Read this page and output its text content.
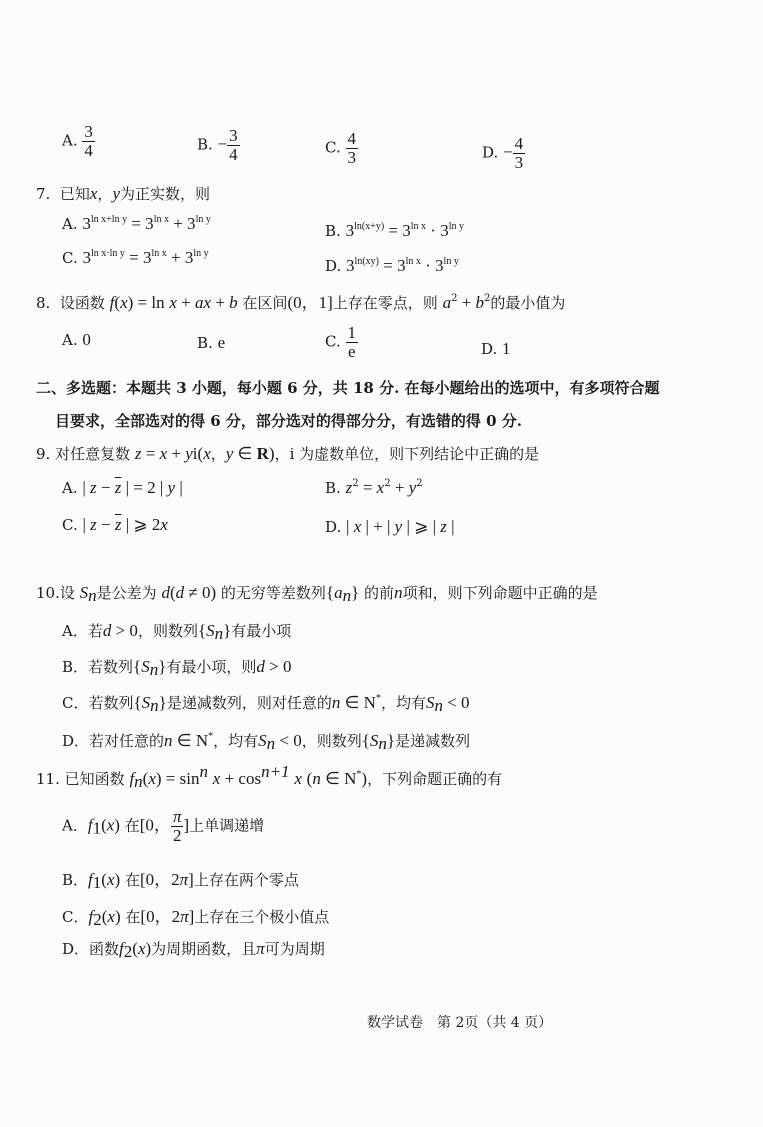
A. $\frac{3}{4}$	B. − $\frac{3}{4}$	C. $\frac{4}{3}$	D. − $\frac{4}{3}$
7. 已知x，y为正实数，则
A. $3^{ln x+ln y} = 3^{ln x} + 3^{ln y}$
B. $3^{ln(x+y)} = 3^{ln x} \cdot 3^{ln y}$
C. $3^{ln x\cdot ln y} = 3^{ln x} + 3^{ln y}$
D. $3^{ln(xy)} = 3^{ln x} \cdot 3^{ln y}$
8. 设函数 f(x) = ln x + ax + b 在区间(0，1]上存在零点，则 $a^2 + b^2$的最小值为
A. 0	B. e	C. $\frac{1}{e}$	D. 1
二、多选题：本题共 3 小题，每小题 6 分，共 18 分. 在每小题给出的选项中，有多项符合题
目要求，全部选对的得 6 分，部分选对的得部分分，有选错的得 0 分.
9. 对任意复数 z = x + yi(x，y ∈ R)，i 为虚数单位，则下列结论中正确的是
A. | $z - \overline{z}$ | = 2 | y |	B. $z^2 = x^2 + y^2$
C. | $z - \overline{z}$ | ⩾ 2x	D. | x | + | y | ⩾ | z |
10.设 $S_n$是公差为 d(d ≠ 0) 的无穷等差数列$\{a_n\}$ 的前n项和，则下列命题中正确的是
A．若d > 0，则数列$\{S_n\}$有最小项
B．若数列$\{S_n\}$有最小项，则d > 0
C．若数列$\{S_n\}$是递减数列，则对任意的n ∈ N*，均有$S_n < 0$
D．若对任意的n ∈ N*，均有$S_n < 0$，则数列$\{S_n\}$是递减数列
11. 已知函数 $f_n(x) = \sin^n x + \cos^{n+1} x$ (n ∈ N*)，下列命题正确的有
A．$f_1(x)$ 在[0， $\frac{\pi}{2}$ ]上单调递增
B．$f_1(x)$ 在[0，2π]上存在两个零点
C．$f_2(x)$ 在[0，2π]上存在三个极小值点
D．函数$f_2(x)$为周期函数，且π可为周期
数学试卷　第 2页（共 4 页）
